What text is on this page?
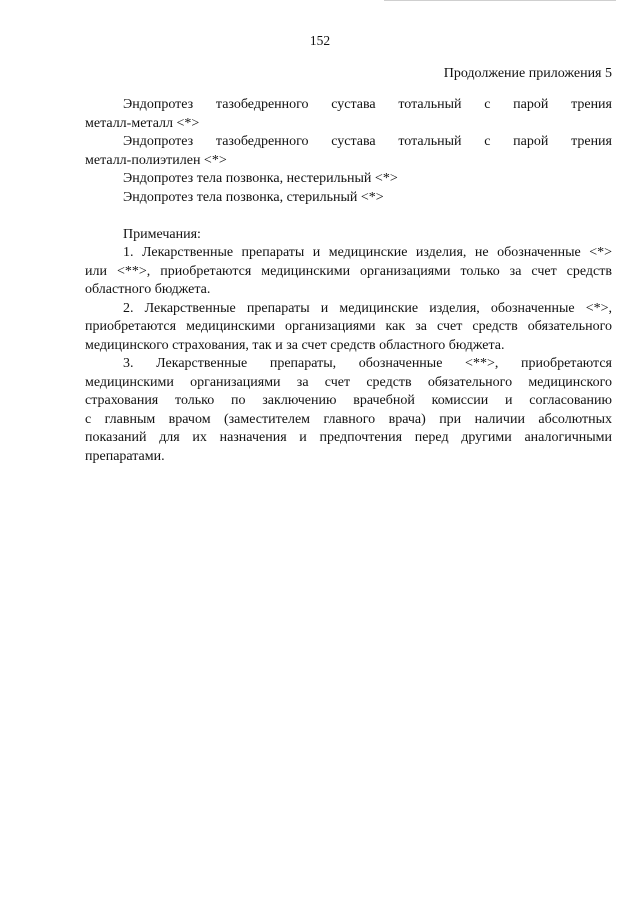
152
Продолжение приложения 5
Эндопротез тазобедренного сустава тотальный с парой трения
металл-металл <*>
Эндопротез тазобедренного сустава тотальный с парой трения
металл-полиэтилен <*>
Эндопротез тела позвонка, нестерильный <*>
Эндопротез тела позвонка, стерильный <*>
Примечания:
1. Лекарственные препараты и медицинские изделия, не обозначенные <*>
или <**>, приобретаются медицинскими организациями только за счет средств
областного бюджета.
2. Лекарственные препараты и медицинские изделия, обозначенные <*>,
приобретаются медицинскими организациями как за счет средств обязательного
медицинского страхования, так и за счет средств областного бюджета.
3. Лекарственные препараты, обозначенные <**>, приобретаются
медицинскими организациями за счет средств обязательного медицинского
страхования только по заключению врачебной комиссии и согласованию
с главным врачом (заместителем главного врача) при наличии абсолютных
показаний для их назначения и предпочтения перед другими аналогичными
препаратами.
